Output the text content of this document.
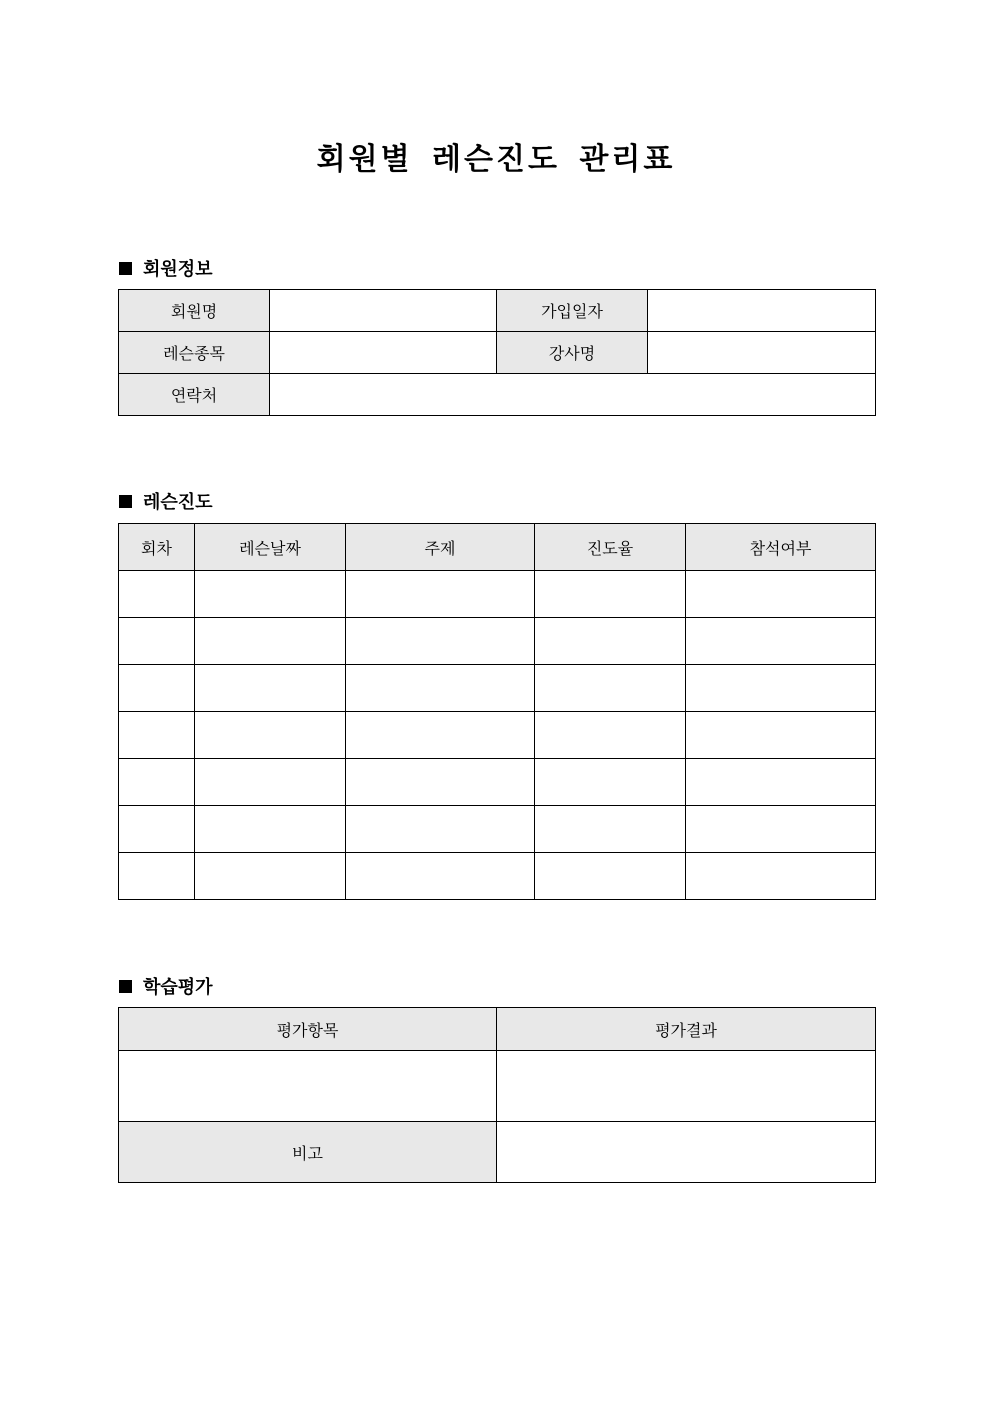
회원별 레슨진도 관리표
회원정보
회원명		가입일자	
레슨종목		강사명	
연락처			
레슨진도
회차	레슨날짜	주제	진도율	참석여부

학습평가
평가항목	평가결과

비고	
